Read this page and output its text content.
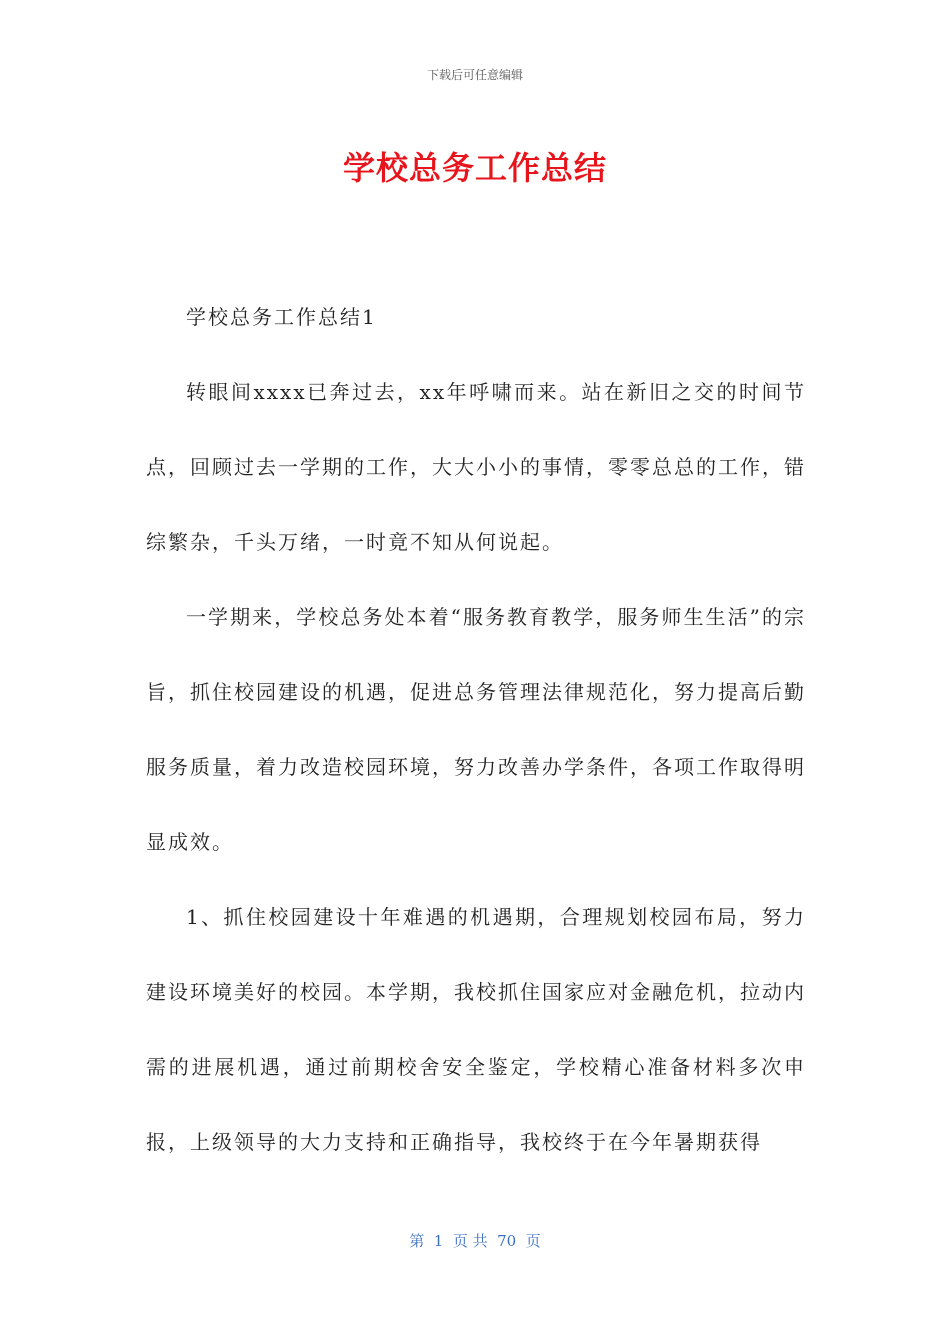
下载后可任意编辑
学校总务工作总结

学校总务工作总结1

转眼间xxxx已奔过去，xx年呼啸而来。站在新旧之交的时间节点，回顾过去一学期的工作，大大小小的事情，零零总总的工作，错综繁杂，千头万绪，一时竟不知从何说起。

一学期来，学校总务处本着“服务教育教学，服务师生生活”的宗旨，抓住校园建设的机遇，促进总务管理法律规范化，努力提高后勤服务质量，着力改造校园环境，努力改善办学条件，各项工作取得明显成效。

1、抓住校园建设十年难遇的机遇期，合理规划校园布局，努力建设环境美好的校园。本学期，我校抓住国家应对金融危机，拉动内需的进展机遇，通过前期校舍安全鉴定，学校精心准备材料多次申报，上级领导的大力支持和正确指导，我校终于在今年暑期获得

第  1  页 共  70  页
